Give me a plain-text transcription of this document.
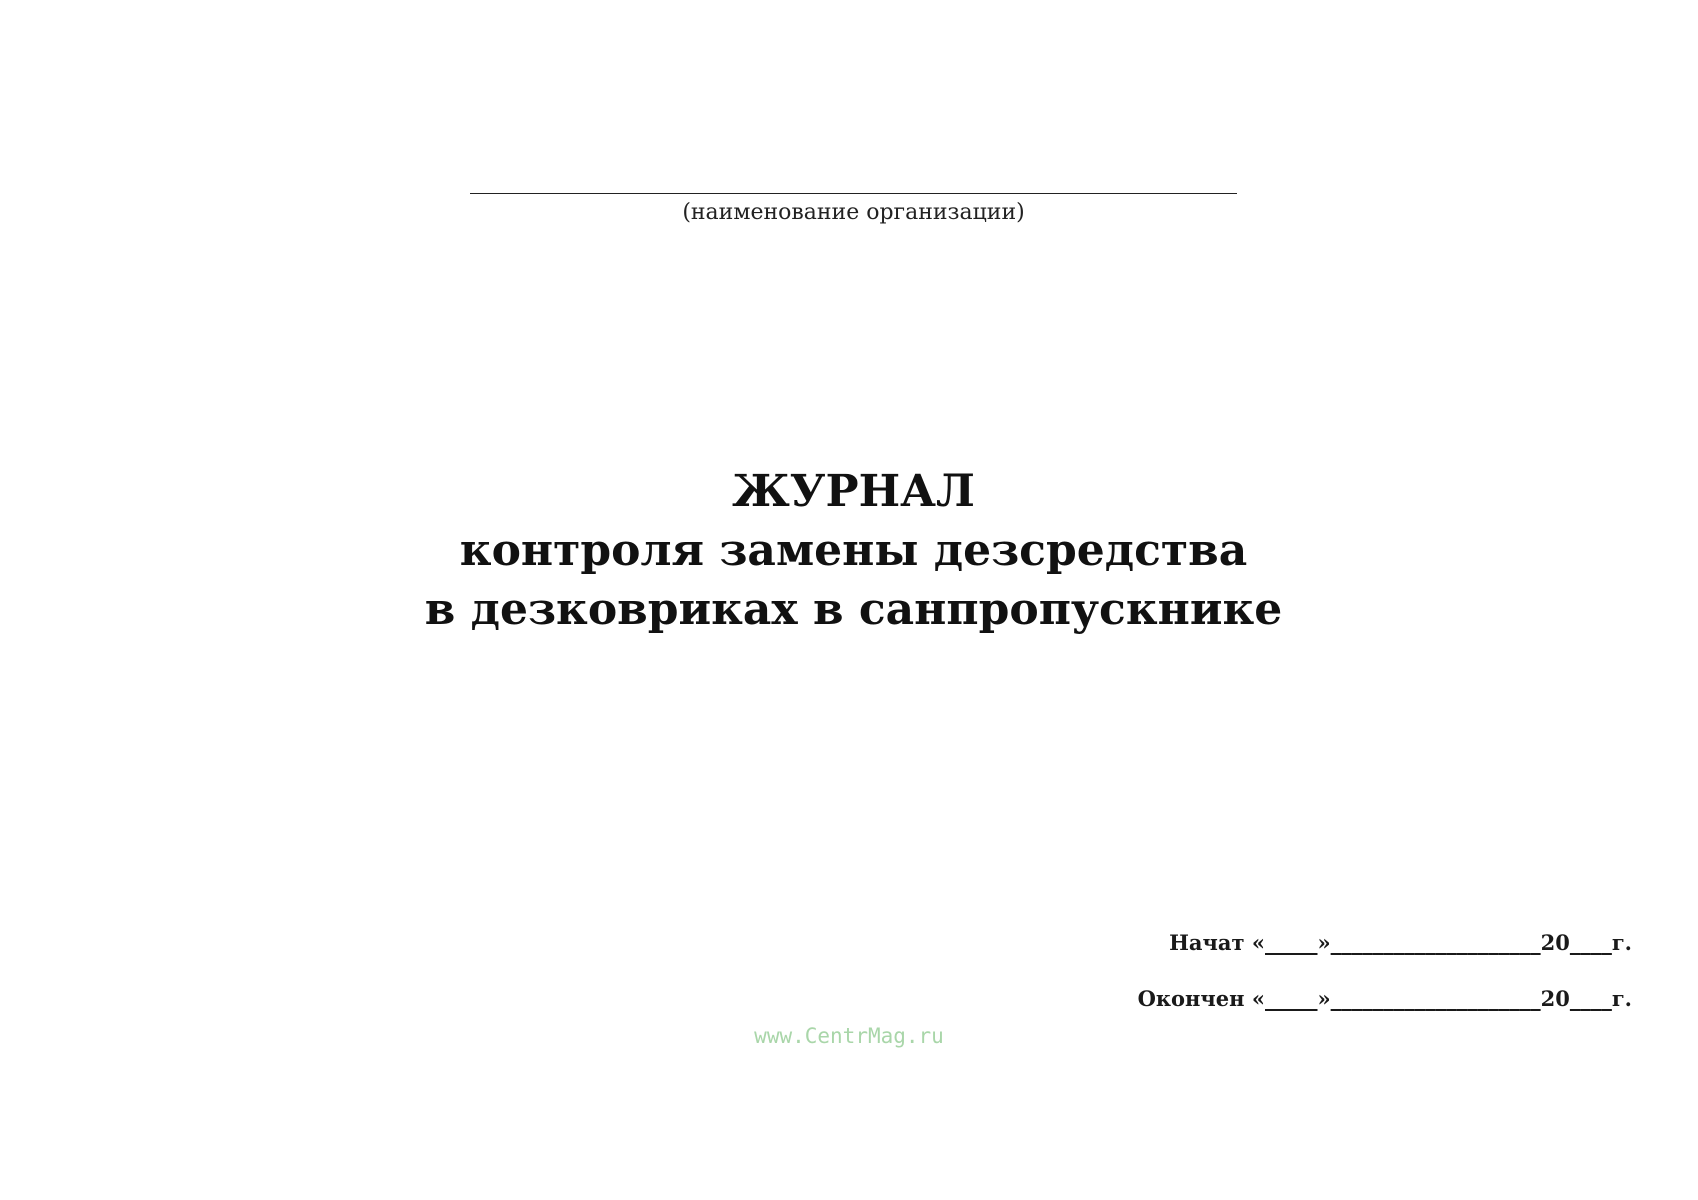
(наименование организации)
ЖУРНАЛ
контроля замены дезсредства
в дезковриках в санпропускнике
Начат «_____»____________________20____г.
Окончен «_____»____________________20____г.
www.CentrMag.ru
